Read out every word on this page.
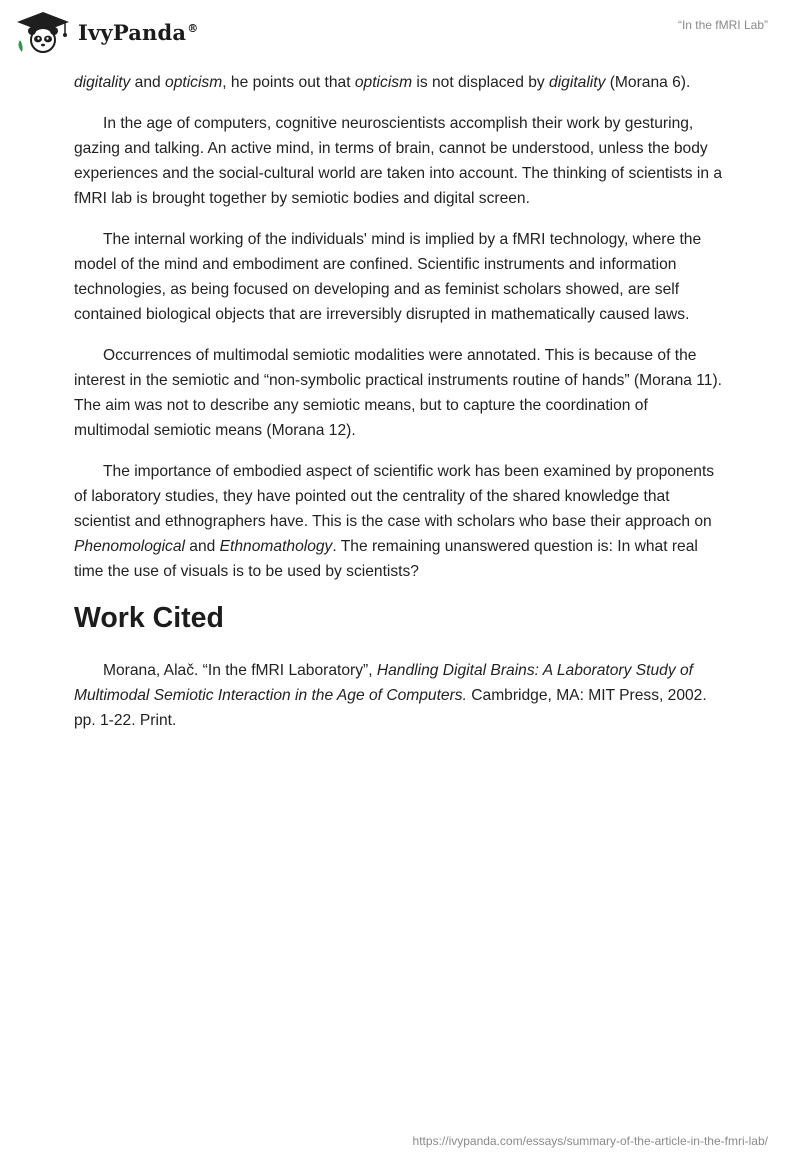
IvyPanda®	“In the fMRI Lab”

digitality and opticism, he points out that opticism is not displaced by digitality (Morana 6).

In the age of computers, cognitive neuroscientists accomplish their work by gesturing, gazing and talking. An active mind, in terms of brain, cannot be understood, unless the body experiences and the social-cultural world are taken into account. The thinking of scientists in a fMRI lab is brought together by semiotic bodies and digital screen.

The internal working of the individuals' mind is implied by a fMRI technology, where the model of the mind and embodiment are confined. Scientific instruments and information technologies, as being focused on developing and as feminist scholars showed, are self contained biological objects that are irreversibly disrupted in mathematically caused laws.

Occurrences of multimodal semiotic modalities were annotated. This is because of the interest in the semiotic and “non-symbolic practical instruments routine of hands” (Morana 11). The aim was not to describe any semiotic means, but to capture the coordination of multimodal semiotic means (Morana 12).

The importance of embodied aspect of scientific work has been examined by proponents of laboratory studies, they have pointed out the centrality of the shared knowledge that scientist and ethnographers have. This is the case with scholars who base their approach on Phenomological and Ethnomathology. The remaining unanswered question is: In what real time the use of visuals is to be used by scientists?

Work Cited

Morana, Alač. “In the fMRI Laboratory”, Handling Digital Brains: A Laboratory Study of Multimodal Semiotic Interaction in the Age of Computers. Cambridge, MA: MIT Press, 2002. pp. 1-22. Print.

https://ivypanda.com/essays/summary-of-the-article-in-the-fmri-lab/
